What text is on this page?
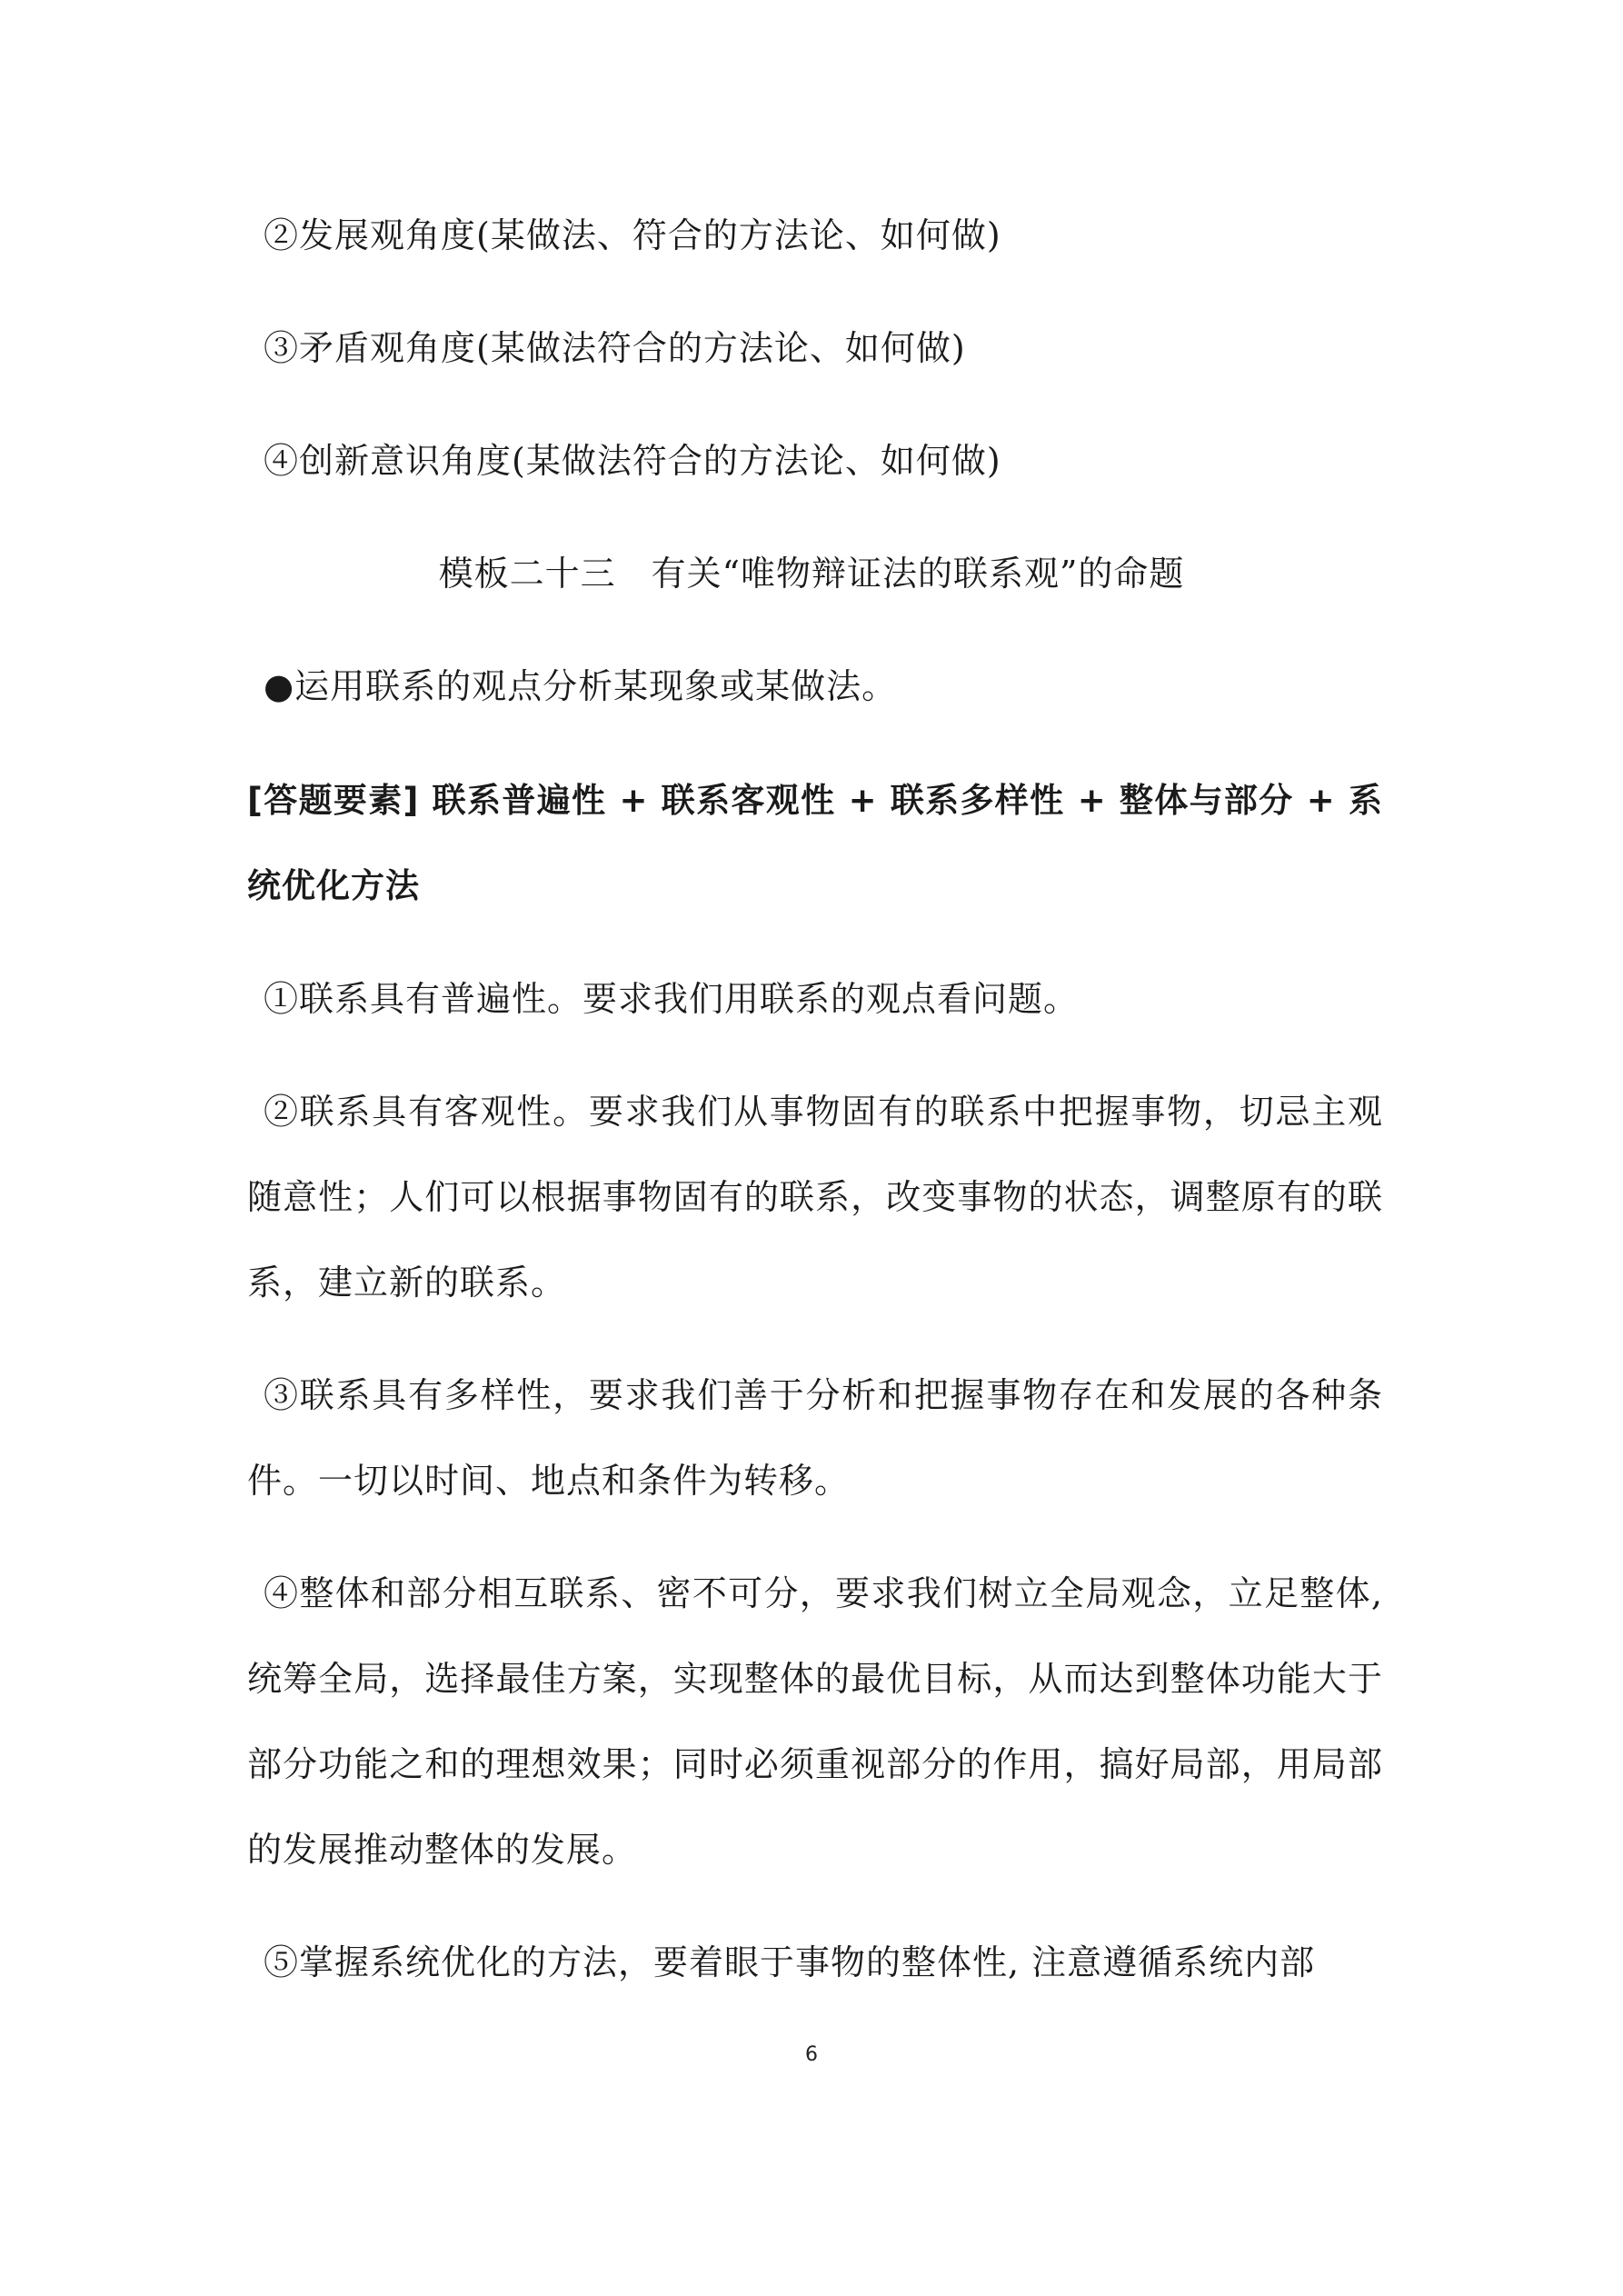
②发展观角度(某做法、符合的方法论、如何做)
③矛盾观角度(某做法符合的方法论、如何做)
④创新意识角度(某做法符合的方法论、如何做)
模板二十三　有关“唯物辩证法的联系观”的命题
●运用联系的观点分析某现象或某做法。
[答题要素] 联系普遍性 + 联系客观性 + 联系多样性 + 整体与部分 + 系统优化方法
①联系具有普遍性。要求我们用联系的观点看问题。
②联系具有客观性。要求我们从事物固有的联系中把握事物，切忌主观随意性；人们可以根据事物固有的联系，改变事物的状态，调整原有的联系，建立新的联系。
③联系具有多样性，要求我们善于分析和把握事物存在和发展的各种条件。一切以时间、地点和条件为转移。
④整体和部分相互联系、密不可分，要求我们树立全局观念，立足整体, 统筹全局，选择最佳方案，实现整体的最优目标，从而达到整体功能大于部分功能之和的理想效果；同时必须重视部分的作用，搞好局部，用局部的发展推动整体的发展。
⑤掌握系统优化的方法，要着眼于事物的整体性, 注意遵循系统内部
6
